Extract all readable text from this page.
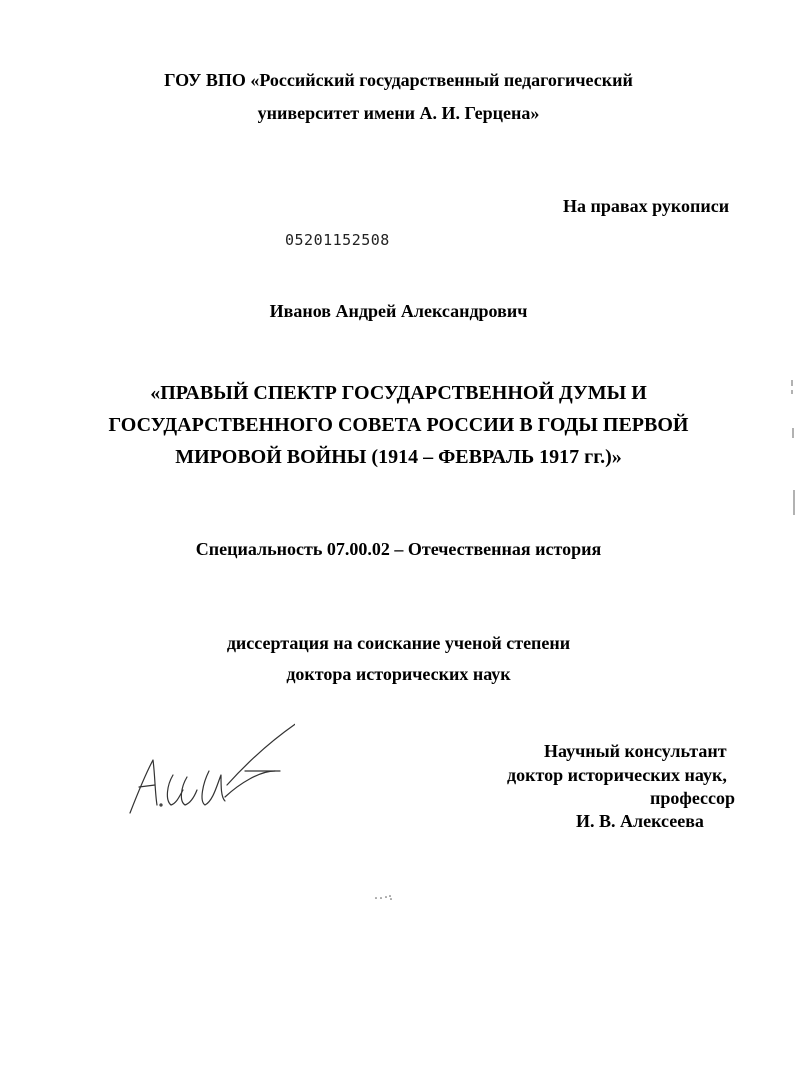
ГОУ ВПО «Российский государственный педагогический
университет имени А. И. Герцена»
На правах рукописи
05201152508
Иванов Андрей Александрович
«ПРАВЫЙ СПЕКТР ГОСУДАРСТВЕННОЙ ДУМЫ И
ГОСУДАРСТВЕННОГО СОВЕТА РОССИИ В ГОДЫ ПЕРВОЙ
МИРОВОЙ ВОЙНЫ (1914 – ФЕВРАЛЬ 1917 гг.)»
Специальность 07.00.02 – Отечественная история
диссертация на соискание ученой степени
доктора исторических наук
Научный консультант
доктор исторических наук,
профессор
И. В. Алексеева
